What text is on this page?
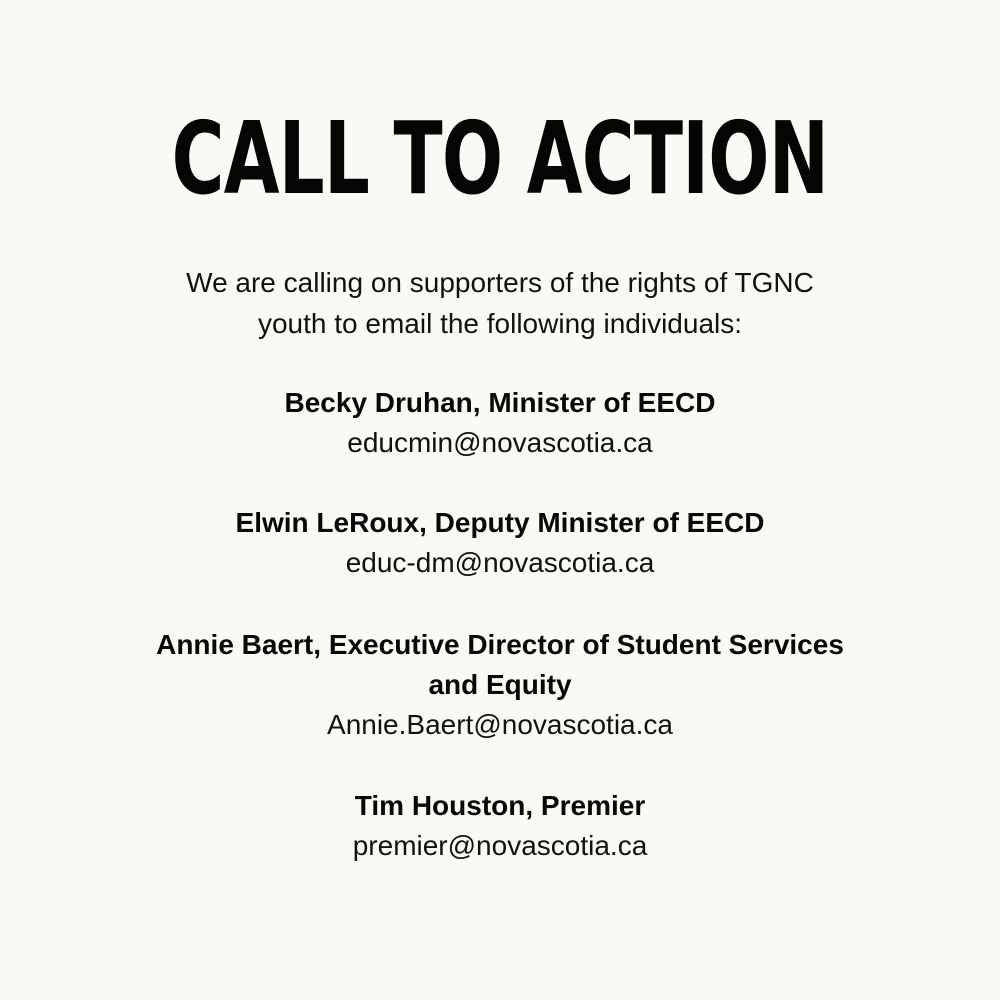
CALL TO ACTION
We are calling on supporters of the rights of TGNC
youth to email the following individuals:
Becky Druhan, Minister of EECD
educmin@novascotia.ca
Elwin LeRoux, Deputy Minister of EECD
educ-dm@novascotia.ca
Annie Baert, Executive Director of Student Services
and Equity
Annie.Baert@novascotia.ca
Tim Houston, Premier
premier@novascotia.ca
